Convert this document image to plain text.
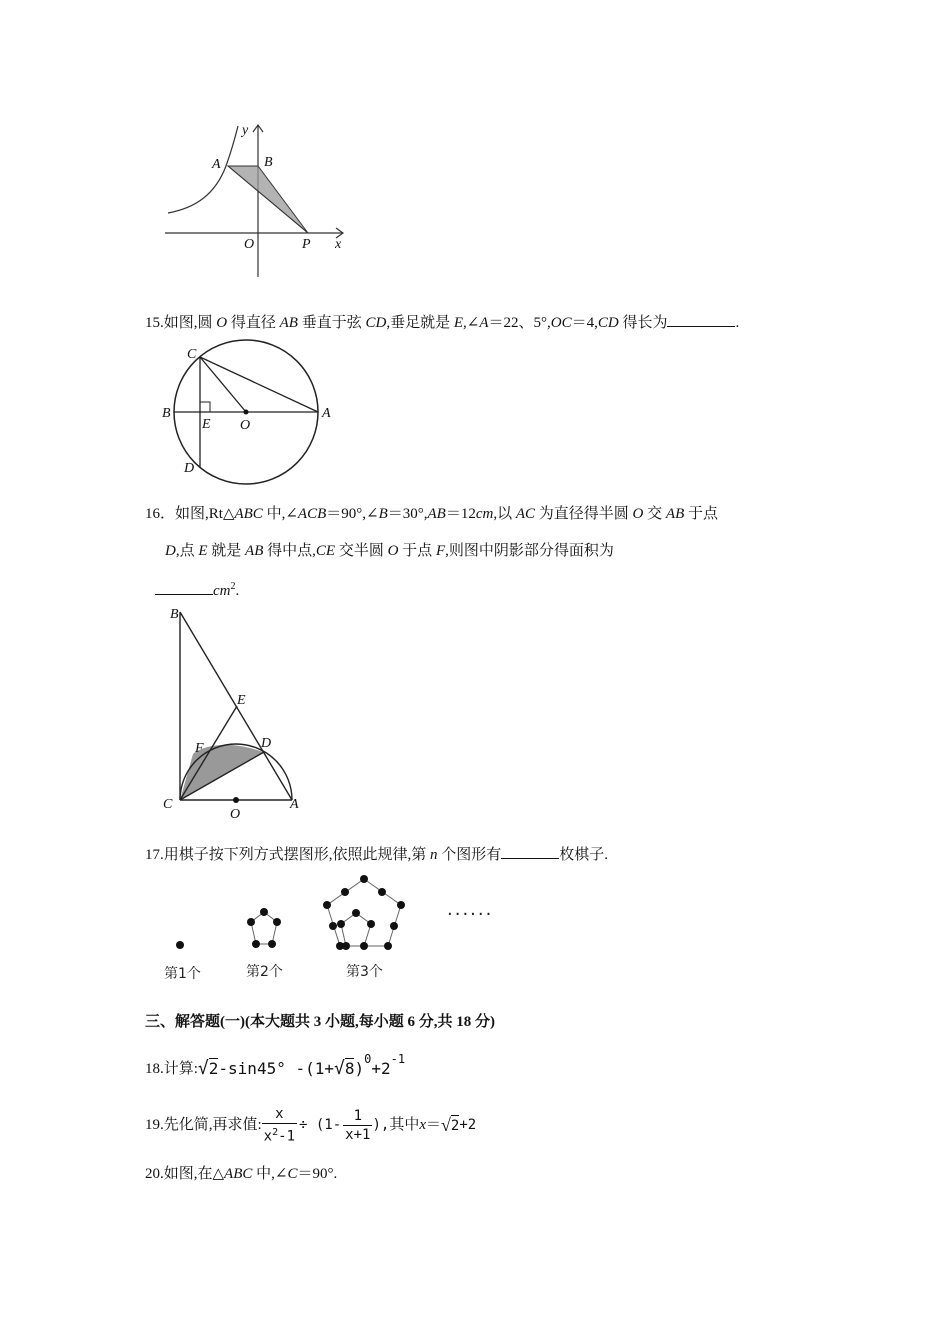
y
A	B
O	P x
15.如图,圆 O 得直径 AB 垂直于弦 CD,垂足就是 E,∠A＝22、5°,OC＝4,CD 得长为	.
C
B
E O
A
D
16．如图,Rt△ABC 中,∠ACB＝90°,∠B＝30°,AB＝12cm,以 AC 为直径得半圆 O 交 AB 于点
D,点 E 就是 AB 得中点,CE 交半圆 O 于点 F,则图中阴影部分得面积为
$cm^2$.
B
E
F	D
C
O
A
17.用棋子按下列方式摆图形,依照此规律,第 n 个图形有	枚棋子.
······
第1个	第2个	第3个
三、解答题(一)(本大题共 3 小题,每小题 6 分,共 18 分)
18. 计算: √ 2 -sin45° -(1+ √ 8 )$^0 +2^{-1}$
19. 先化简,再求值: $\frac{x}{x^2-1} \div (1-$
1
x+1
), 其中 x ＝ √ 2 +2
20.如图,在△ABC 中,∠C＝90°.
